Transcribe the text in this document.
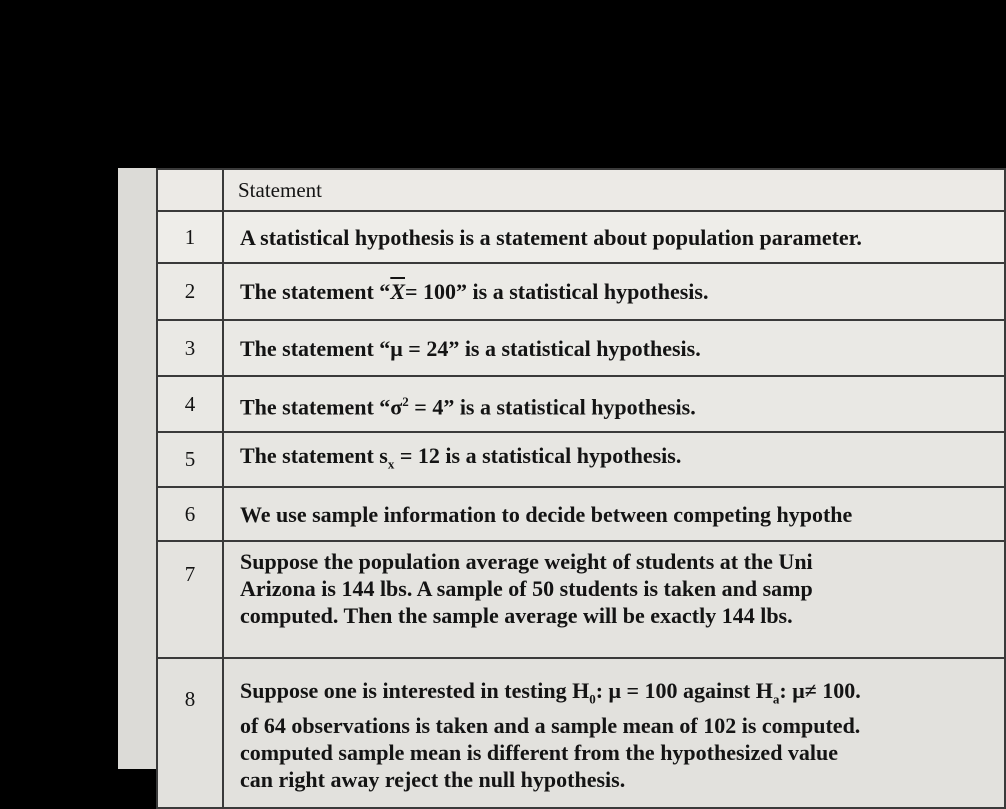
	Statement
1	A statistical hypothesis is a statement about population parameter.
2	The statement “$\overline{X}= 100$” is a statistical hypothesis.
3	The statement “μ = 24” is a statistical hypothesis.
4	The statement “$\sigma^2 = 4$” is a statistical hypothesis.
5	The statement $s_x = 12$ is a statistical hypothesis.
6	We use sample information to decide between competing hypothe
7	Suppose the population average weight of students at the Uni
Arizona is 144 lbs. A sample of 50 students is taken and samp
computed. Then the sample average will be exactly 144 lbs.

8	Suppose one is interested in testing $H_0$: μ = 100 against $H_a$: μ≠ 100.
of 64 observations is taken and a sample mean of 102 is computed.
computed sample mean is different from the hypothesized value
can right away reject the null hypothesis.
